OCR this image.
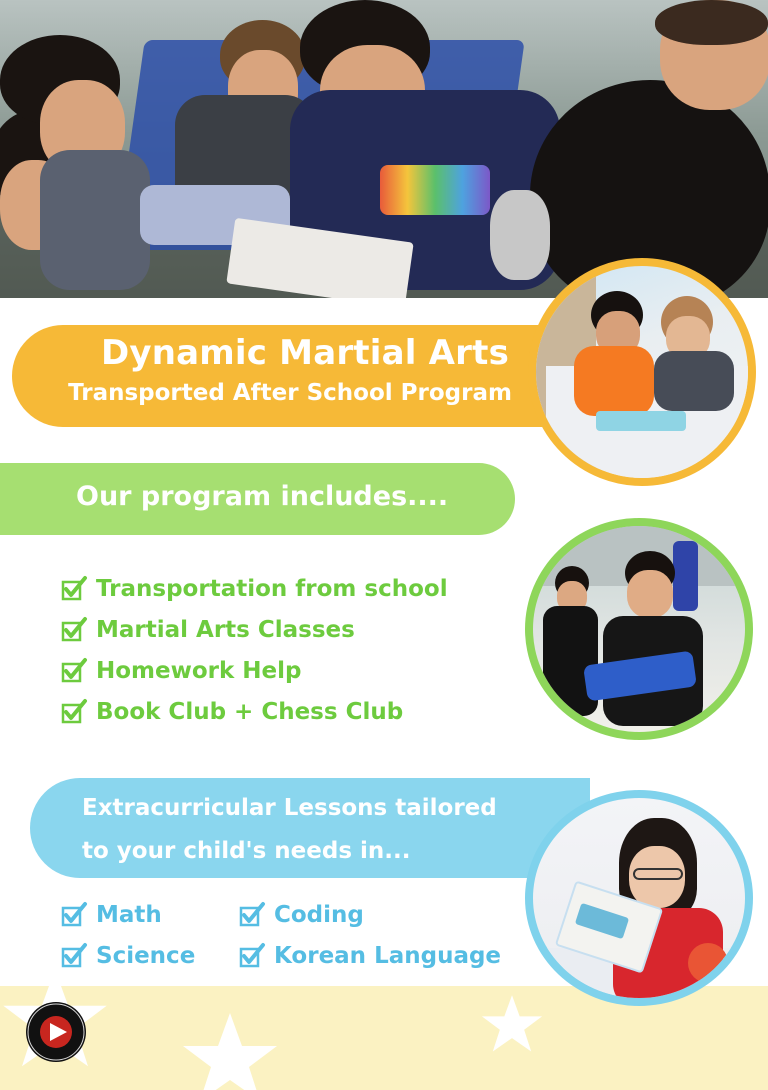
Dynamic Martial Arts
Transported After School Program
Our program includes....
Transportation from school
Martial Arts Classes
Homework Help
Book Club + Chess Club
Extracurricular Lessons tailored
to your child's needs in...
Math
Science
Coding
Korean Language
